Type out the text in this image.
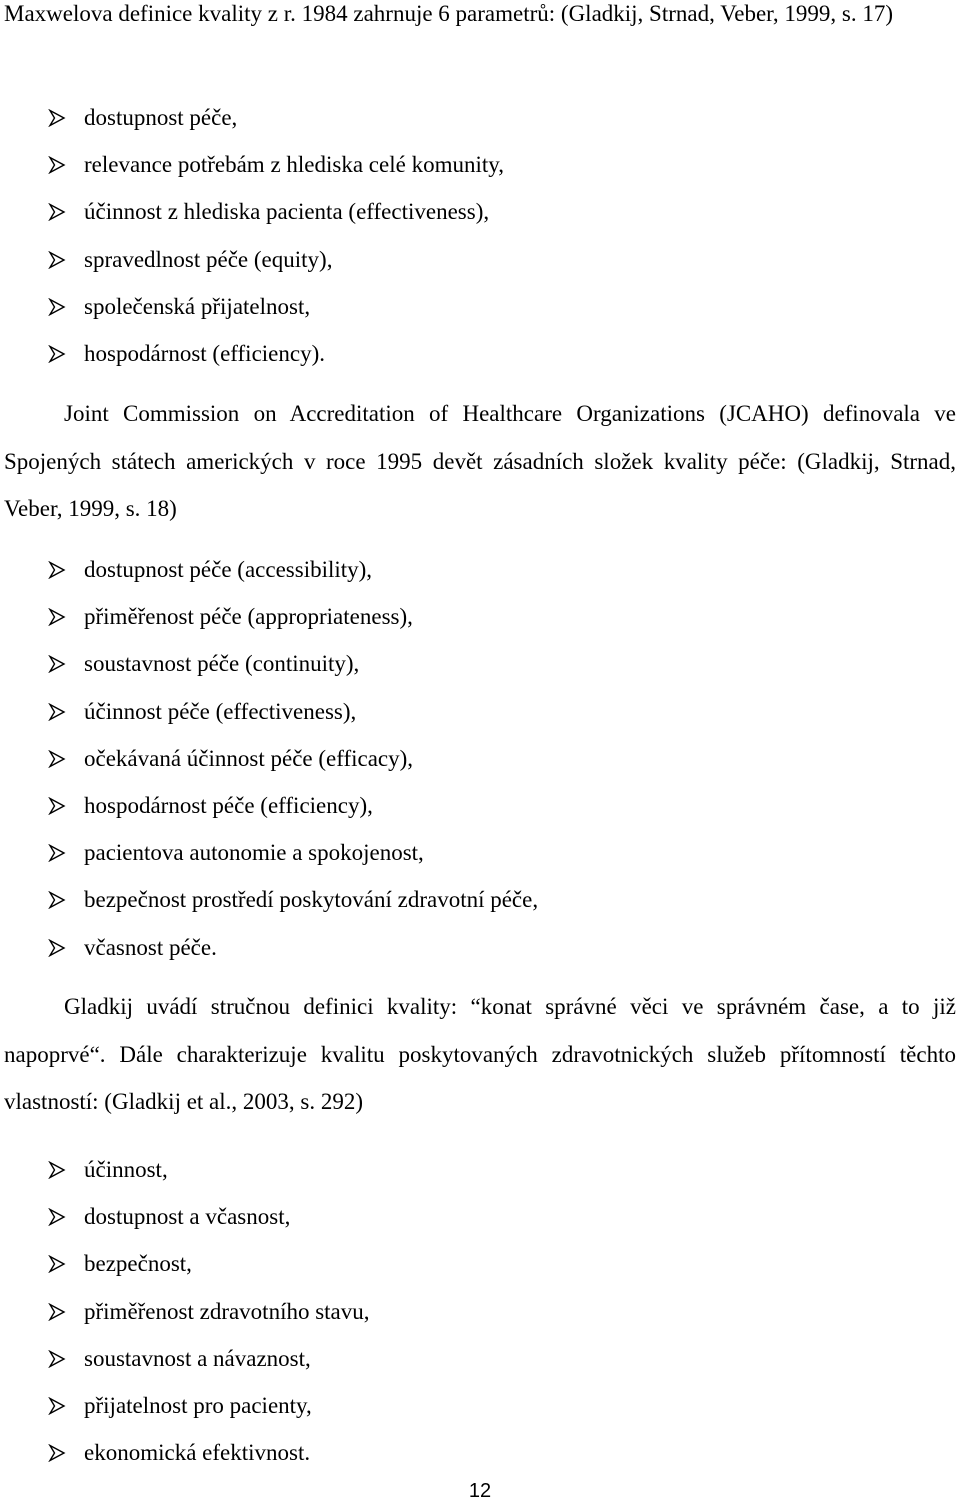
Maxwelova definice kvality z r. 1984 zahrnuje 6 parametrů: (Gladkij, Strnad, Veber, 1999, s. 17)

dostupnost péče,
relevance potřebám z hlediska celé komunity,
účinnost z hlediska pacienta (effectiveness),
spravedlnost péče (equity),
společenská přijatelnost,
hospodárnost (efficiency).

Joint Commission on Accreditation of Healthcare Organizations (JCAHO) definovala ve Spojených státech amerických v roce 1995 devět zásadních složek kvality péče: (Gladkij, Strnad, Veber, 1999, s. 18)

dostupnost péče (accessibility),
přiměřenost péče (appropriateness),
soustavnost péče (continuity),
účinnost péče (effectiveness),
očekávaná účinnost péče (efficacy),
hospodárnost péče (efficiency),
pacientova autonomie a spokojenost,
bezpečnost prostředí poskytování zdravotní péče,
včasnost péče.

Gladkij uvádí stručnou definici kvality: “konat správné věci ve správném čase, a to již napoprvé“. Dále charakterizuje kvalitu poskytovaných zdravotnických služeb přítomností těchto vlastností: (Gladkij et al., 2003, s. 292)

účinnost,
dostupnost a včasnost,
bezpečnost,
přiměřenost zdravotního stavu,
soustavnost a návaznost,
přijatelnost pro pacienty,
ekonomická efektivnost.
12
